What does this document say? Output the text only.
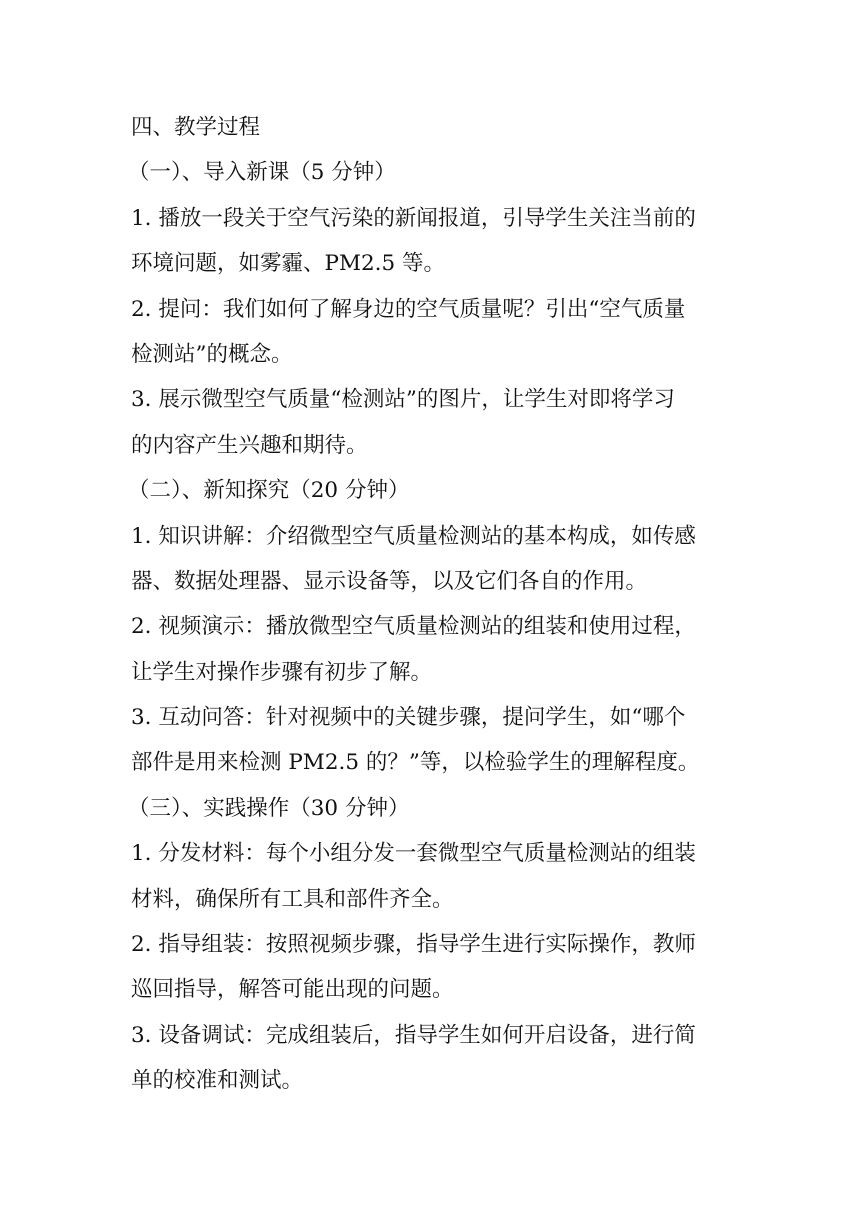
四、教学过程
（一）、导入新课（5 分钟）
1. 播放一段关于空气污染的新闻报道，引导学生关注当前的
环境问题，如雾霾、PM2.5 等。
2. 提问：我们如何了解身边的空气质量呢？引出“空气质量
检测站”的概念。
3. 展示微型空气质量“检测站”的图片，让学生对即将学习
的内容产生兴趣和期待。
（二）、新知探究（20 分钟）
1. 知识讲解：介绍微型空气质量检测站的基本构成，如传感
器、数据处理器、显示设备等，以及它们各自的作用。
2. 视频演示：播放微型空气质量检测站的组装和使用过程，
让学生对操作步骤有初步了解。
3. 互动问答：针对视频中的关键步骤，提问学生，如“哪个
部件是用来检测 PM2.5 的？”等，以检验学生的理解程度。
（三）、实践操作（30 分钟）
1. 分发材料：每个小组分发一套微型空气质量检测站的组装
材料，确保所有工具和部件齐全。
2. 指导组装：按照视频步骤，指导学生进行实际操作，教师
巡回指导，解答可能出现的问题。
3. 设备调试：完成组装后，指导学生如何开启设备，进行简
单的校准和测试。
